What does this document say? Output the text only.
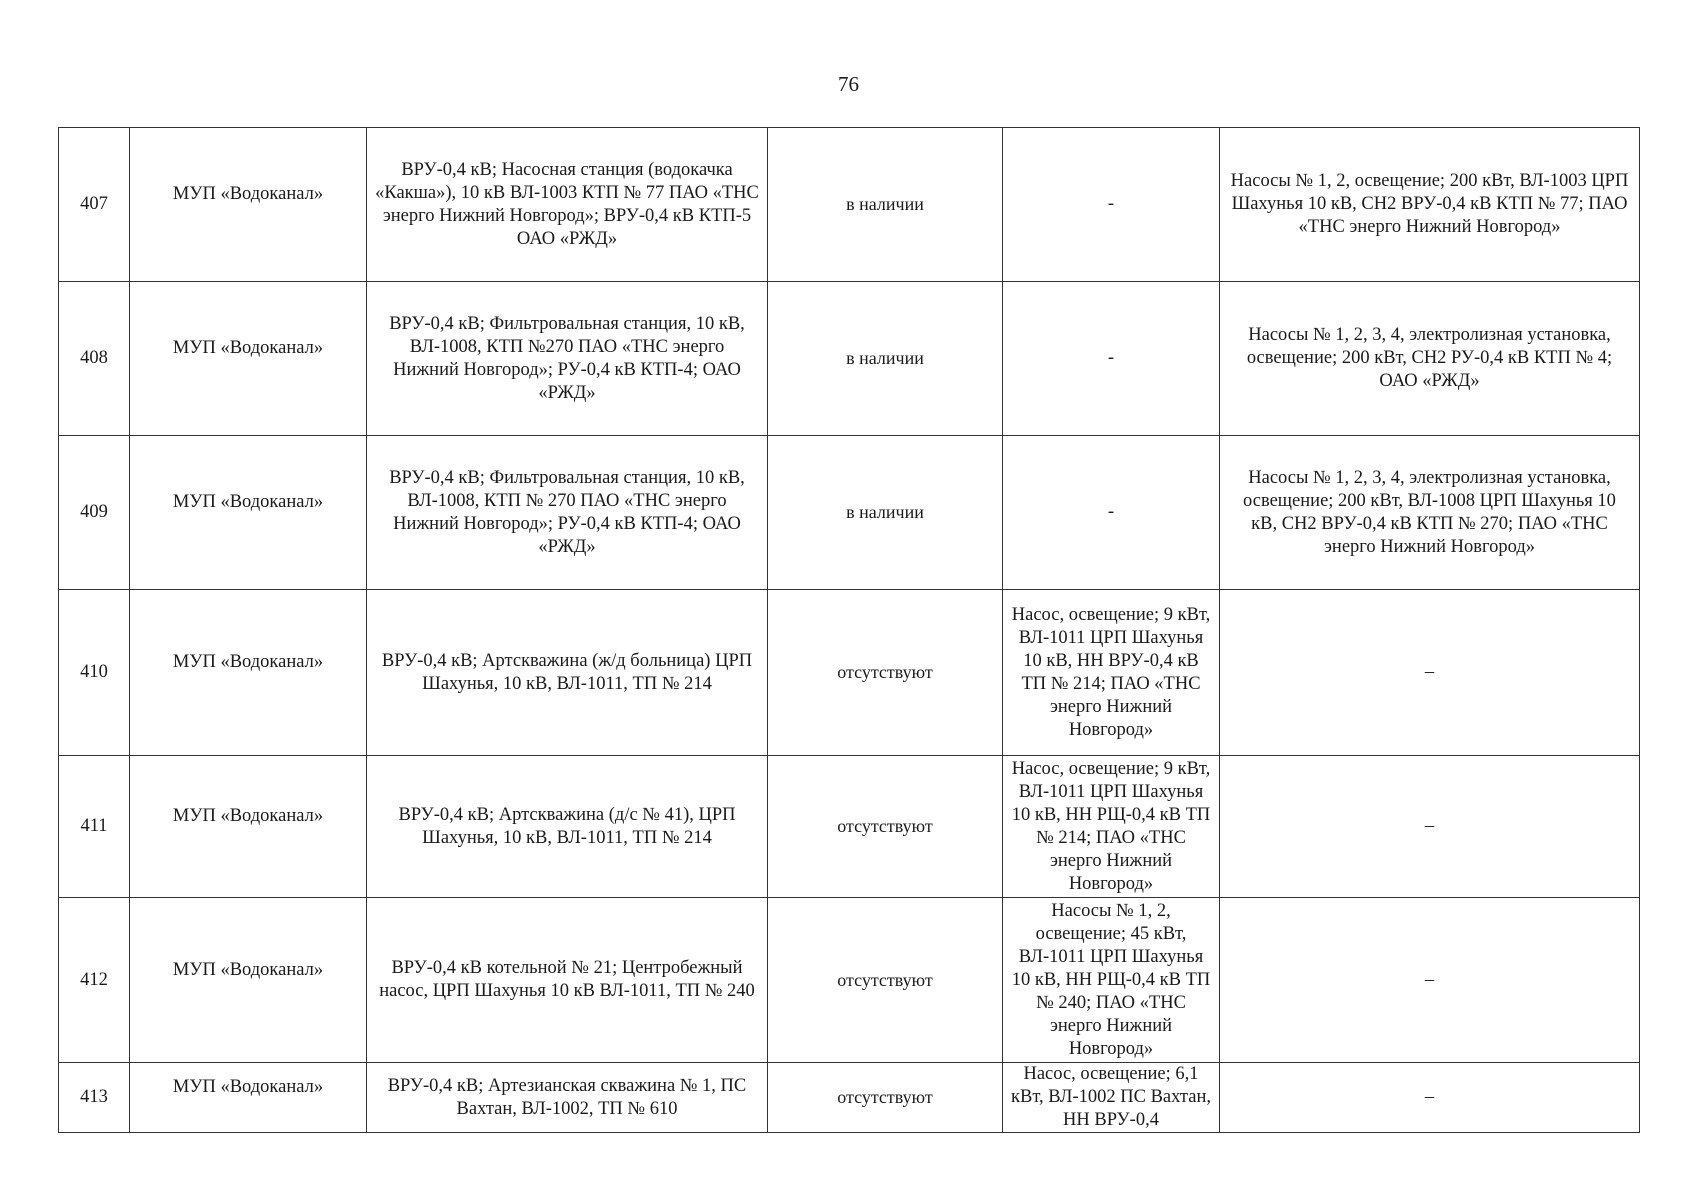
76
407	МУП «Водоканал»	ВРУ-0,4 кВ; Насосная станция (водокачка «Какша»), 10 кВ ВЛ-1003 КТП № 77 ПАО «ТНС энерго Нижний Новгород»; ВРУ-0,4 кВ КТП-5 ОАО «РЖД»	в наличии	-	Насосы № 1, 2, освещение; 200 кВт, ВЛ-1003 ЦРП Шахунья 10 кВ, СН2 ВРУ-0,4 кВ КТП № 77; ПАО «ТНС энерго Нижний Новгород»
408	МУП «Водоканал»	ВРУ-0,4 кВ; Фильтровальная станция, 10 кВ, ВЛ-1008, КТП №270 ПАО «ТНС энерго Нижний Новгород»; РУ-0,4 кВ КТП-4; ОАО «РЖД»	в наличии	-	Насосы № 1, 2, 3, 4, электролизная установка, освещение; 200 кВт, СН2 РУ-0,4 кВ КТП № 4; ОАО «РЖД»
409	МУП «Водоканал»	ВРУ-0,4 кВ; Фильтровальная станция, 10 кВ, ВЛ-1008, КТП № 270 ПАО «ТНС энерго Нижний Новгород»; РУ-0,4 кВ КТП-4; ОАО «РЖД»	в наличии	-	Насосы № 1, 2, 3, 4, электролизная установка, освещение; 200 кВт, ВЛ-1008 ЦРП Шахунья 10 кВ, СН2 ВРУ-0,4 кВ КТП № 270; ПАО «ТНС энерго Нижний Новгород»
410	МУП «Водоканал»	ВРУ-0,4 кВ; Артскважина (ж/д больница) ЦРП Шахунья, 10 кВ, ВЛ-1011, ТП № 214	отсутствуют	Насос, освещение; 9 кВт, ВЛ-1011 ЦРП Шахунья 10 кВ, НН ВРУ-0,4 кВ ТП № 214; ПАО «ТНС энерго Нижний Новгород»	–
411	МУП «Водоканал»	ВРУ-0,4 кВ; Артскважина (д/с № 41), ЦРП Шахунья, 10 кВ, ВЛ-1011, ТП № 214	отсутствуют	Насос, освещение; 9 кВт, ВЛ-1011 ЦРП Шахунья 10 кВ, НН РЩ-0,4 кВ ТП № 214; ПАО «ТНС энерго Нижний Новгород»	–
412	МУП «Водоканал»	ВРУ-0,4 кВ котельной № 21; Центробежный насос, ЦРП Шахунья 10 кВ ВЛ-1011, ТП № 240	отсутствуют	Насосы № 1, 2, освещение; 45 кВт, ВЛ-1011 ЦРП Шахунья 10 кВ, НН РЩ-0,4 кВ ТП № 240; ПАО «ТНС энерго Нижний Новгород»	–
413	МУП «Водоканал»	ВРУ-0,4 кВ; Артезианская скважина № 1, ПС Вахтан, ВЛ-1002, ТП № 610	отсутствуют	Насос, освещение; 6,1 кВт, ВЛ-1002 ПС Вахтан, НН ВРУ-0,4	–
